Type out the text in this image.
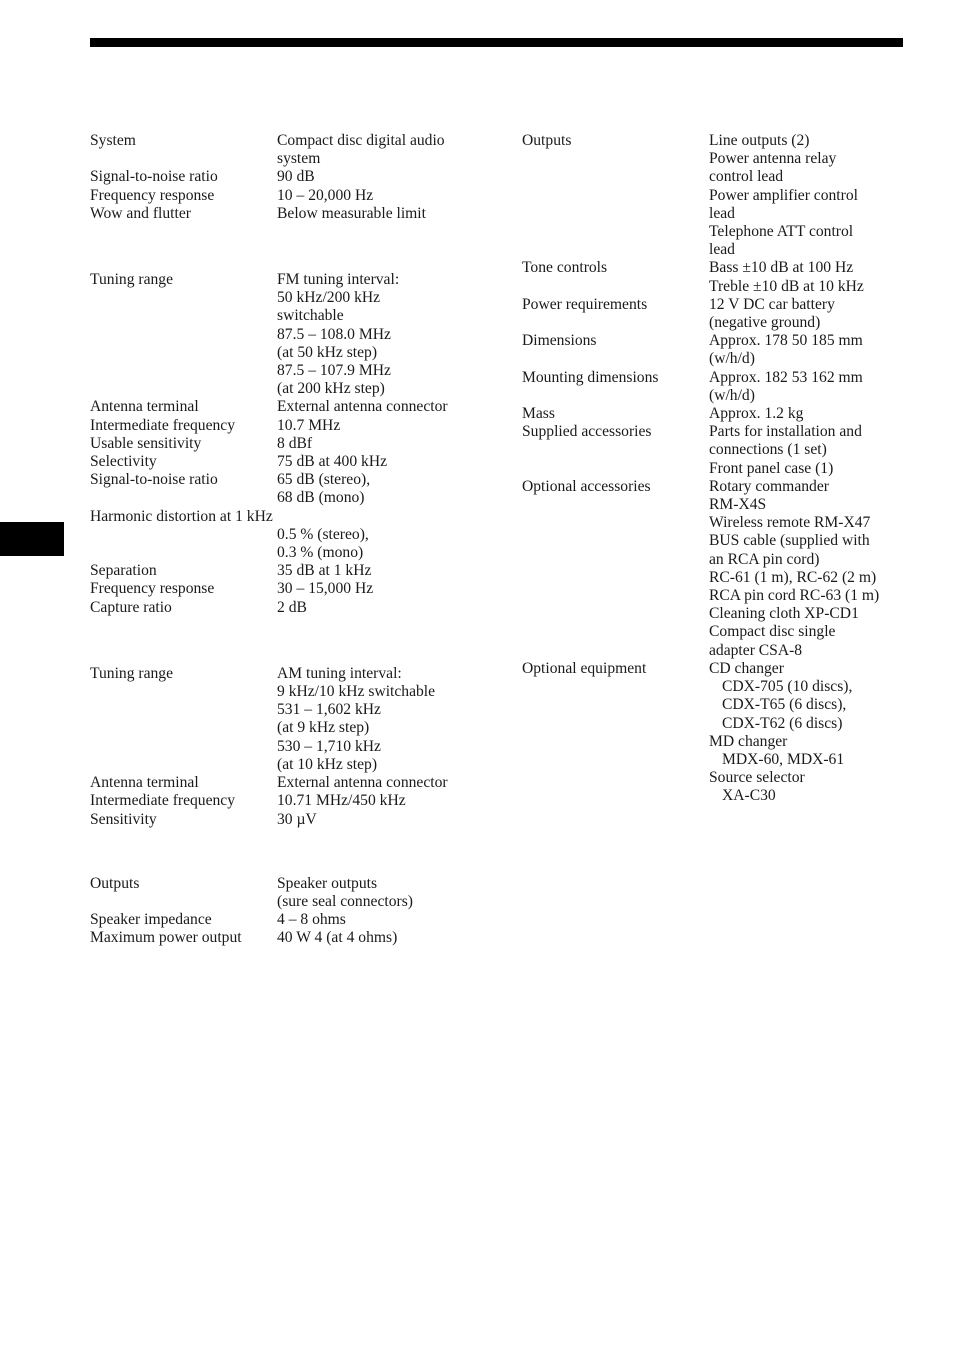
System	Compact disc digital audio
system
Signal-to-noise ratio	90 dB
Frequency response	10 – 20,000 Hz
Wow and flutter	Below measurable limit
Tuning range	FM tuning interval:
50 kHz/200 kHz
switchable
87.5 – 108.0 MHz
(at 50 kHz step)
87.5 – 107.9 MHz
(at 200 kHz step)
Antenna terminal	External antenna connector
Intermediate frequency	10.7 MHz
Usable sensitivity	8 dBf
Selectivity	75 dB at 400 kHz
Signal-to-noise ratio	65 dB (stereo),
68 dB (mono)
Harmonic distortion at 1 kHz
0.5 % (stereo),
0.3 % (mono)
Separation	35 dB at 1 kHz
Frequency response	30 – 15,000 Hz
Capture ratio	2 dB
Tuning range	AM tuning interval:
9 kHz/10 kHz switchable
531 – 1,602 kHz
(at 9 kHz step)
530 – 1,710 kHz
(at 10 kHz step)
Antenna terminal	External antenna connector
Intermediate frequency	10.71 MHz/450 kHz
Sensitivity	30 µV
Outputs	Speaker outputs
(sure seal connectors)
Speaker impedance	4 – 8 ohms
Maximum power output 40 W 4 (at 4 ohms)
Outputs	Line outputs (2)
Power antenna relay
control lead
Power amplifier control
lead
Telephone ATT control
lead
Tone controls	Bass ±10 dB at 100 Hz
Treble ±10 dB at 10 kHz
Power requirements	12 V DC car battery
(negative ground)
Dimensions	Approx. 178 50 185 mm
(w/h/d)
Mounting dimensions	Approx. 182 53 162 mm
(w/h/d)
Mass	Approx. 1.2 kg
Supplied accessories	Parts for installation and
connections (1 set)
Front panel case (1)
Optional accessories	Rotary commander
RM-X4S
Wireless remote RM-X47
BUS cable (supplied with
an RCA pin cord)
RC-61 (1 m), RC-62 (2 m)
RCA pin cord RC-63 (1 m)
Cleaning cloth XP-CD1
Compact disc single
adapter CSA-8
Optional equipment	CD changer
CDX-705 (10 discs),
CDX-T65 (6 discs),
CDX-T62 (6 discs)
MD changer
MDX-60, MDX-61
Source selector
XA-C30
